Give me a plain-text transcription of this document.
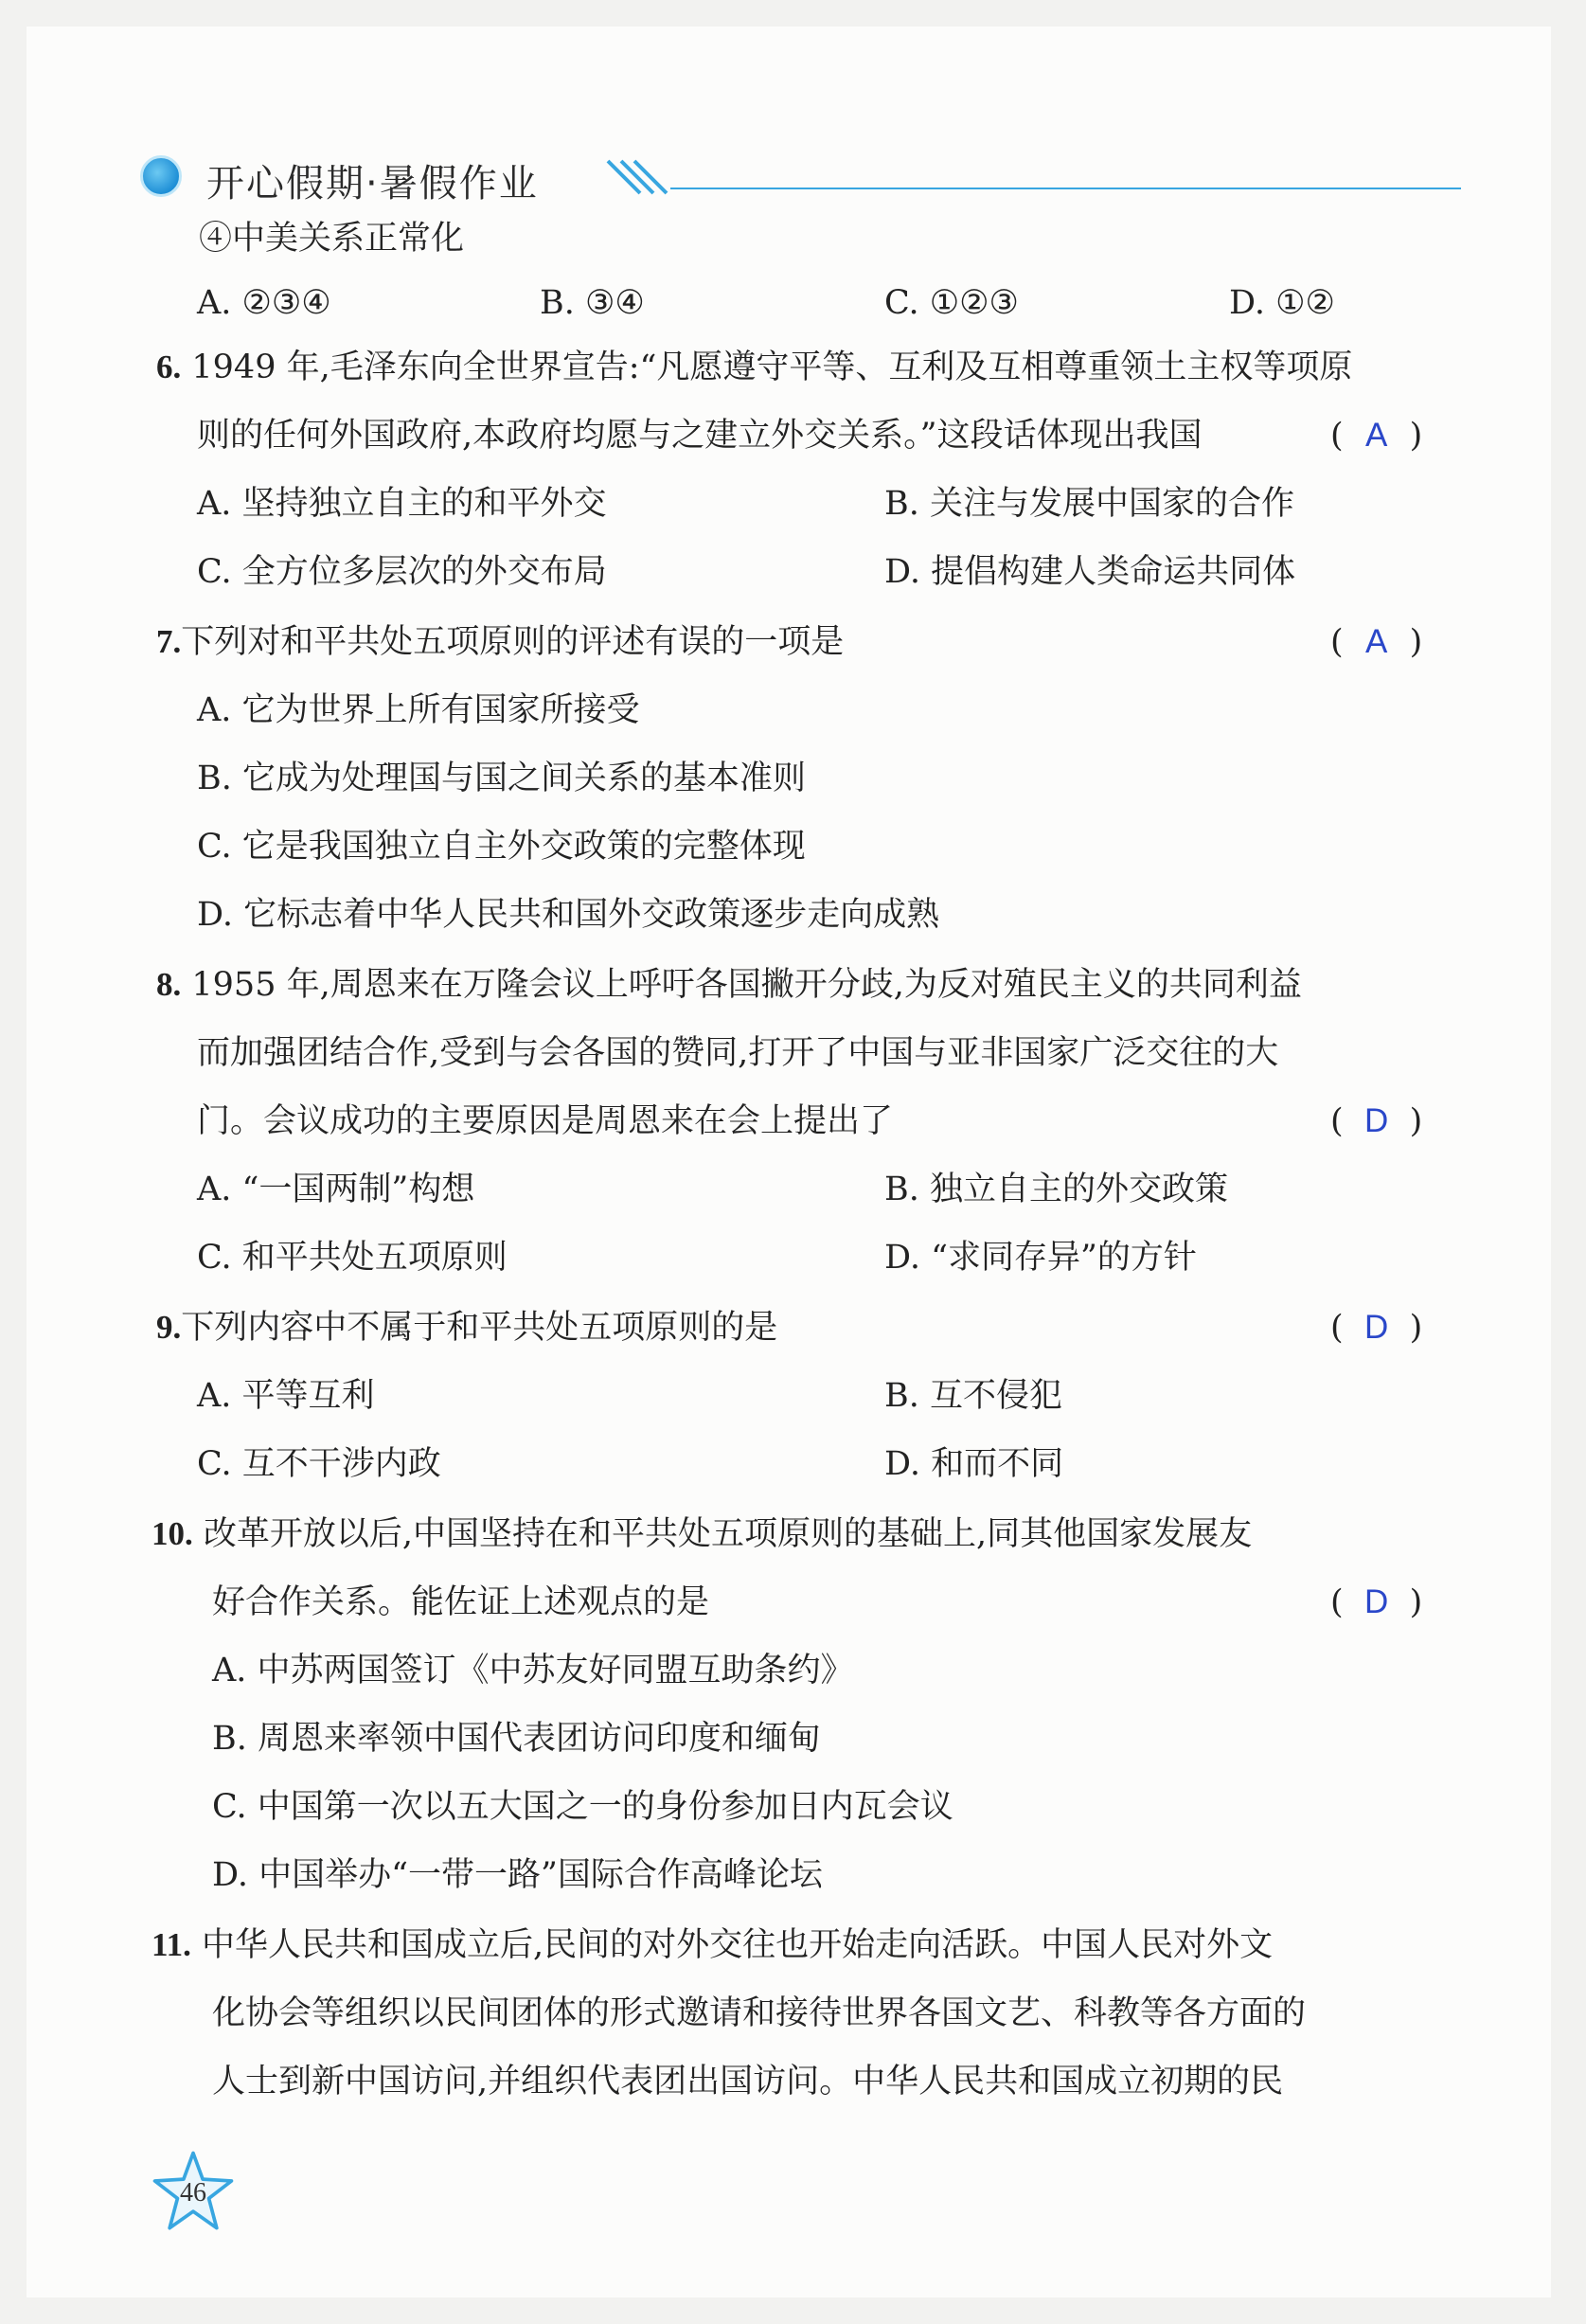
开心假期·暑假作业
④中美关系正常化
A. ②③④	B. ③④	C. ①②③	D. ①②
6. 1949 年,毛泽东向全世界宣告:“凡愿遵守平等、互利及互相尊重领土主权等项原
则的任何外国政府,本政府均愿与之建立外交关系。”这段话体现出我国	( A )
A. 坚持独立自主的和平外交	B. 关注与发展中国家的合作
C. 全方位多层次的外交布局	D. 提倡构建人类命运共同体
7.下列对和平共处五项原则的评述有误的一项是	( A )
A. 它为世界上所有国家所接受
B. 它成为处理国与国之间关系的基本准则
C. 它是我国独立自主外交政策的完整体现
D. 它标志着中华人民共和国外交政策逐步走向成熟
8. 1955 年,周恩来在万隆会议上呼吁各国撇开分歧,为反对殖民主义的共同利益
而加强团结合作,受到与会各国的赞同,打开了中国与亚非国家广泛交往的大
门。会议成功的主要原因是周恩来在会上提出了	( D )
A. “一国两制”构想	B. 独立自主的外交政策
C. 和平共处五项原则	D. “求同存异”的方针
9.下列内容中不属于和平共处五项原则的是	( D )
A. 平等互利	B. 互不侵犯
C. 互不干涉内政	D. 和而不同
10. 改革开放以后,中国坚持在和平共处五项原则的基础上,同其他国家发展友
好合作关系。能佐证上述观点的是	( D )
A. 中苏两国签订《中苏友好同盟互助条约》
B. 周恩来率领中国代表团访问印度和缅甸
C. 中国第一次以五大国之一的身份参加日内瓦会议
D. 中国举办“一带一路”国际合作高峰论坛
11. 中华人民共和国成立后,民间的对外交往也开始走向活跃。中国人民对外文
化协会等组织以民间团体的形式邀请和接待世界各国文艺、科教等各方面的
人士到新中国访问,并组织代表团出国访问。中华人民共和国成立初期的民
46
